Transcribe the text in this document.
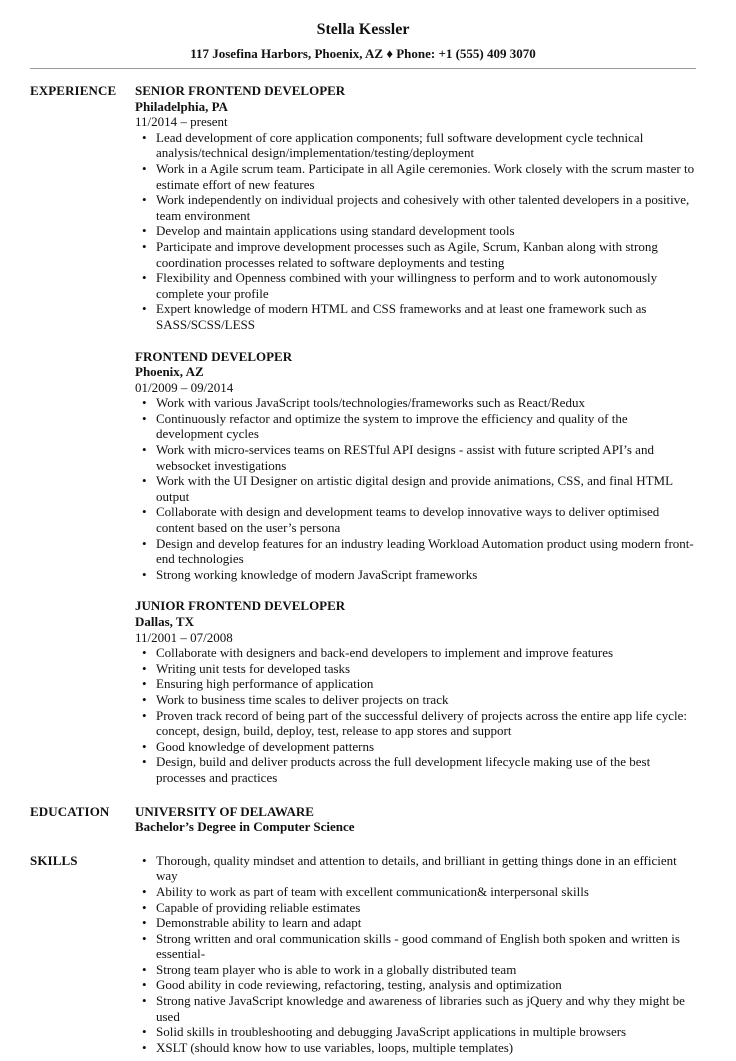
Stella Kessler
117 Josefina Harbors, Phoenix, AZ ♦ Phone: +1 (555) 409 3070
EXPERIENCE	SENIOR FRONTEND DEVELOPER
Philadelphia, PA
11/2014 – present
• Lead development of core application components; full software development cycle technical analysis/technical design/implementation/testing/deployment
• Work in a Agile scrum team. Participate in all Agile ceremonies. Work closely with the scrum master to estimate effort of new features
• Work independently on individual projects and cohesively with other talented developers in a positive, team environment
• Develop and maintain applications using standard development tools
• Participate and improve development processes such as Agile, Scrum, Kanban along with strong coordination processes related to software deployments and testing
• Flexibility and Openness combined with your willingness to perform and to work autonomously complete your profile
• Expert knowledge of modern HTML and CSS frameworks and at least one framework such as SASS/SCSS/LESS
FRONTEND DEVELOPER
Phoenix, AZ
01/2009 – 09/2014
• Work with various JavaScript tools/technologies/frameworks such as React/Redux
• Continuously refactor and optimize the system to improve the efficiency and quality of the development cycles
• Work with micro-services teams on RESTful API designs - assist with future scripted API’s and websocket investigations
• Work with the UI Designer on artistic digital design and provide animations, CSS, and final HTML output
• Collaborate with design and development teams to develop innovative ways to deliver optimised content based on the user’s persona
• Design and develop features for an industry leading Workload Automation product using modern front-end technologies
• Strong working knowledge of modern JavaScript frameworks
JUNIOR FRONTEND DEVELOPER
Dallas, TX
11/2001 – 07/2008
• Collaborate with designers and back-end developers to implement and improve features
• Writing unit tests for developed tasks
• Ensuring high performance of application
• Work to business time scales to deliver projects on track
• Proven track record of being part of the successful delivery of projects across the entire app life cycle: concept, design, build, deploy, test, release to app stores and support
• Good knowledge of development patterns
• Design, build and deliver products across the full development lifecycle making use of the best processes and practices
EDUCATION	UNIVERSITY OF DELAWARE
Bachelor’s Degree in Computer Science
SKILLS
•	Thorough, quality mindset and attention to details, and brilliant in getting things done in an efficient way
• Ability to work as part of team with excellent communication& interpersonal skills
• Capable of providing reliable estimates
• Demonstrable ability to learn and adapt
• Strong written and oral communication skills - good command of English both spoken and written is essential-
• Strong team player who is able to work in a globally distributed team
• Good ability in code reviewing, refactoring, testing, analysis and optimization
• Strong native JavaScript knowledge and awareness of libraries such as jQuery and why they might be used
• Solid skills in troubleshooting and debugging JavaScript applications in multiple browsers
• XSLT (should know how to use variables, loops, multiple templates)
